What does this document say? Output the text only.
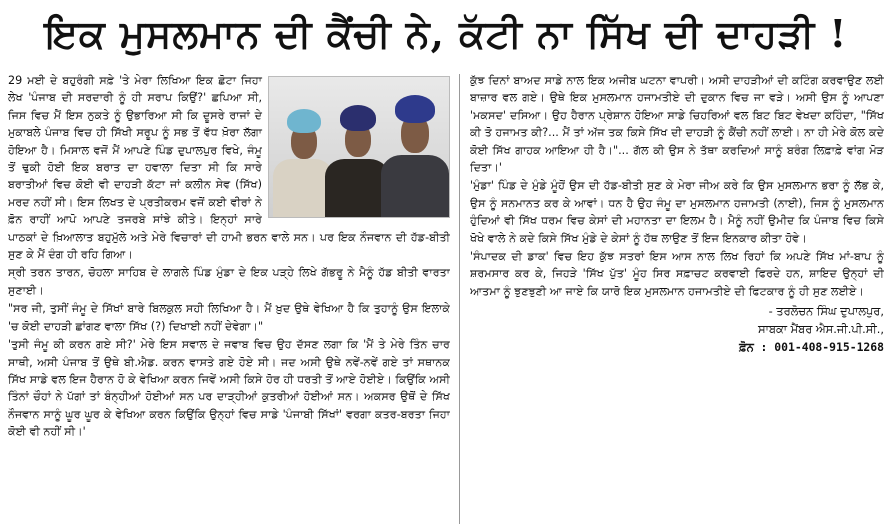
ਇਕ ਮੁਸਲਮਾਨ ਦੀ ਕੈਂਚੀ ਨੇ, ਕੱਟੀ ਨਾ ਸਿੱਖ ਦੀ ਦਾਹੜੀ !

29 ਮਈ ਦੇ ਬਹੁਰੰਗੀ ਸਫ਼ੇ 'ਤੇ ਮੇਰਾ ਲਿਖਿਆ ਇਕ ਛੋਟਾ ਜਿਹਾ ਲੇਖ 'ਪੰਜਾਬ ਦੀ ਸਰਦਾਰੀ ਨੂੰ ਹੀ ਸਰਾਪ ਕਿਉਂ?' ਛਪਿਆ ਸੀ, ਜਿਸ ਵਿਚ ਮੈਂ ਇਸ ਨੁਕਤੇ ਨੂੰ ਉਭਾਰਿਆ ਸੀ ਕਿ ਦੂਸਰੇ ਰਾਜਾਂ ਦੇ ਮੁਕਾਬਲੇ ਪੰਜਾਬ ਵਿਚ ਹੀ ਸਿੱਖੀ ਸਰੂਪ ਨੂੰ ਸਭ ਤੋਂ ਵੱਧ ਖ਼ੋਰਾ ਲੱਗਾ ਹੋਇਆ ਹੈ। ਮਿਸਾਲ ਵਜੋਂ ਮੈਂ ਆਪਣੇ ਪਿੰਡ ਦੁਪਾਲਪੁਰ ਵਿਖੇ, ਜੰਮੂ ਤੋਂ ਢੁਕੀ ਹੋਈ ਇਕ ਬਰਾਤ ਦਾ ਹਵਾਲਾ ਦਿਤਾ ਸੀ ਕਿ ਸਾਰੇ ਬਰਾਤੀਆਂ ਵਿਚ ਕੋਈ ਵੀ ਦਾਹੜੀ ਕੱਟਾ ਜਾਂ ਕਲੀਨ ਸੇਵ (ਸਿੱਖ) ਮਰਦ ਨਹੀਂ ਸੀ। ਇਸ ਲਿਖਤ ਦੇ ਪ੍ਰਤੀਕਰਮ ਵਜੋਂ ਕਈ ਵੀਰਾਂ ਨੇ ਫ਼ੋਨ ਰਾਹੀਂ ਆਪੋ ਆਪਣੇ ਤਜਰਬੇ ਸਾਂਝੇ ਕੀਤੇ। ਇਨ੍ਹਾਂ ਸਾਰੇ ਪਾਠਕਾਂ ਦੇ ਖ਼ਿਆਲਾਤ ਬਹੁਮੁੱਲੇ ਅਤੇ ਮੇਰੇ ਵਿਚਾਰਾਂ ਦੀ ਹਾਮੀ ਭਰਨ ਵਾਲੇ ਸਨ। ਪਰ ਇਕ ਨੌਜਵਾਨ ਦੀ ਹੱਡ-ਬੀਤੀ ਸੁਣ ਕੇ ਮੈਂ ਦੰਗ ਹੀ ਰਹਿ ਗਿਆ।

ਸ੍ਰੀ ਤਰਨ ਤਾਰਨ, ਚੋਹਲਾ ਸਾਹਿਬ ਦੇ ਲਾਗਲੇ ਪਿੰਡ ਮੁੰਡਾ ਦੇ ਇਕ ਪੜ੍ਹੇ ਲਿਖੇ ਗੱਭਰੂ ਨੇ ਮੈਨੂੰ ਹੱਡ ਬੀਤੀ ਵਾਰਤਾ ਸੁਣਾਈ।

"ਸਰ ਜੀ, ਤੁਸੀਂ ਜੰਮੂ ਦੇ ਸਿੱਖਾਂ ਬਾਰੇ ਬਿਲਕੁਲ ਸਹੀ ਲਿਖਿਆ ਹੈ। ਮੈਂ ਖ਼ੁਦ ਉਥੇ ਵੇਖਿਆ ਹੈ ਕਿ ਤੁਹਾਨੂੰ ਉਸ ਇਲਾਕੇ 'ਚ ਕੋਈ ਦਾਹੜੀ ਛਾਂਗਣ ਵਾਲਾ ਸਿੱਖ (?) ਦਿਖਾਈ ਨਹੀਂ ਦੇਵੇਗਾ।"

'ਤੁਸੀ ਜੰਮੂ ਕੀ ਕਰਨ ਗਏ ਸੀ?' ਮੇਰੇ ਇਸ ਸਵਾਲ ਦੇ ਜਵਾਬ ਵਿਚ ਉਹ ਦੱਸਣ ਲਗਾ ਕਿ 'ਮੈਂ ਤੇ ਮੇਰੇ ਤਿੰਨ ਚਾਰ ਸਾਥੀ, ਅਸੀ ਪੰਜਾਬ ਤੋਂ ਉਥੇ ਬੀ.ਐਡ. ਕਰਨ ਵਾਸਤੇ ਗਏ ਹੋਏ ਸੀ। ਜਦ ਅਸੀ ਉਥੇ ਨਵੇਂ-ਨਵੇਂ ਗਏ ਤਾਂ ਸਥਾਨਕ ਸਿੱਖ ਸਾਡੇ ਵਲ ਇਜ ਹੈਰਾਨ ਹੋ ਕੇ ਵੇਖਿਆ ਕਰਨ ਜਿਵੇਂ ਅਸੀ ਕਿਸੇ ਹੋਰ ਹੀ ਧਰਤੀ ਤੋਂ ਆਏ ਹੋਈਏ। ਕਿਉਂਕਿ ਅਸੀ ਤਿੰਨਾਂ ਚੌਹਾਂ ਨੇ ਪੱਗਾਂ ਤਾਂ ਬੰਨ੍ਹੀਆਂ ਹੋਈਆਂ ਸਨ ਪਰ ਦਾੜ੍ਹੀਆਂ ਕੁਤਰੀਆਂ ਹੋਈਆਂ ਸਨ। ਅਕਸਰ ਉਥੋਂ ਦੇ ਸਿੱਖ ਨੌਜਵਾਨ ਸਾਨੂੰ ਘੂਰ ਘੂਰ ਕੇ ਵੇਖਿਆ ਕਰਨ ਕਿਉਂਕਿ ਉਨ੍ਹਾਂ ਵਿਚ ਸਾਡੇ 'ਪੰਜਾਬੀ ਸਿੱਖਾਂ' ਵਰਗਾ ਕਤਰ-ਬਰਤਾ ਜਿਹਾ ਕੋਈ ਵੀ ਨਹੀਂ ਸੀ।'

ਕੁੱਝ ਦਿਨਾਂ ਬਾਅਦ ਸਾਡੇ ਨਾਲ ਇਕ ਅਜੀਬ ਘਟਨਾ ਵਾਪਰੀ। ਅਸੀ ਦਾਹੜੀਆਂ ਦੀ ਕਟਿੰਗ ਕਰਵਾਉਣ ਲਈ ਬਾਜ਼ਾਰ ਵਲ ਗਏ। ਉਥੇ ਇਕ ਮੁਸਲਮਾਨ ਹਜਾਮਤੀਏ ਦੀ ਦੁਕਾਨ ਵਿਚ ਜਾ ਵੜੇ। ਅਸੀ ਉਸ ਨੂੰ ਆਪਣਾ 'ਮਕਸਦ' ਦਸਿਆ। ਉਹ ਹੈਰਾਨ ਪ੍ਰੇਸ਼ਾਨ ਹੋਇਆ ਸਾਡੇ ਚਿਹਰਿਆਂ ਵਲ ਬਿਟ ਬਿਟ ਵੇਖਦਾ ਕਹਿੰਦਾ, "ਸਿੱਖ ਕੀ ਤੋ ਹਜਾਮਤ ਕੀ?... ਮੈਂ ਤਾਂ ਅੱਜ ਤਕ ਕਿਸੇ ਸਿੱਖ ਦੀ ਦਾਹੜੀ ਨੂੰ ਕੈਂਚੀ ਨਹੀਂ ਲਾਈ। ਨਾ ਹੀ ਮੇਰੇ ਕੋਲ ਕਦੇ ਕੋਈ ਸਿੱਖ ਗਾਹਕ ਆਇਆ ਹੀ ਹੈ।"... ਗੱਲ ਕੀ ਉਸ ਨੇ ਤੱਥਾ ਕਰਦਿਆਂ ਸਾਨੂੰ ਬਰੰਗ ਲਿਫ਼ਾਫ਼ੇ ਵਾਂਗ ਮੋੜ ਦਿਤਾ।'

'ਮੁੰਡਾ' ਪਿੰਡ ਦੇ ਮੁੰਡੇ ਮੂੰਹੋਂ ਉਸ ਦੀ ਹੱਡ-ਬੀਤੀ ਸੁਣ ਕੇ ਮੇਰਾ ਜੀਅ ਕਰੇ ਕਿ ਉਸ ਮੁਸਲਮਾਨ ਭਰਾ ਨੂੰ ਲੱਭ ਕੇ, ਉਸ ਨੂੰ ਸਨਮਾਨਤ ਕਰ ਕੇ ਆਵਾਂ। ਧਨ ਹੈ ਉਹ ਜੰਮੂ ਦਾ ਮੁਸਲਮਾਨ ਹਜਾਮਤੀ (ਨਾਈ), ਜਿਸ ਨੂੰ ਮੁਸਲਮਾਨ ਹੁੰਦਿਆਂ ਵੀ ਸਿੱਖ ਧਰਮ ਵਿਚ ਕੇਸਾਂ ਦੀ ਮਹਾਨਤਾ ਦਾ ਇਲਮ ਹੈ। ਮੈਨੂੰ ਨਹੀਂ ਉਮੀਦ ਕਿ ਪੰਜਾਬ ਵਿਚ ਕਿਸੇ ਖੋਖੇ ਵਾਲੇ ਨੇ ਕਦੇ ਕਿਸੇ ਸਿੱਖ ਮੁੰਡੇ ਦੇ ਕੇਸਾਂ ਨੂੰ ਹੱਥ ਲਾਉਣ ਤੋਂ ਇਜ ਇਨਕਾਰ ਕੀਤਾ ਹੋਵੇ।

'ਸੰਪਾਦਕ ਦੀ ਡਾਕ' ਵਿਚ ਇਹ ਕੁੱਝ ਸਤਰਾਂ ਇਸ ਆਸ ਨਾਲ ਲਿਖ ਰਿਹਾਂ ਕਿ ਅਪਣੇ ਸਿੱਖ ਮਾਂ-ਬਾਪ ਨੂੰ ਸ਼ਰਮਸਾਰ ਕਰ ਕੇ, ਜਿਹੜੇ 'ਸਿੱਖ ਪੁੱਤ' ਮੂੰਹ ਸਿਰ ਸਫ਼ਾਚਟ ਕਰਵਾਈ ਫਿਰਦੇ ਹਨ, ਸ਼ਾਇਦ ਉਨ੍ਹਾਂ ਦੀ ਆਤਮਾ ਨੂੰ ਝੁਣਝੁਣੀ ਆ ਜਾਏ ਕਿ ਯਾਰੋ ਇਕ ਮੁਸਲਮਾਨ ਹਜਾਮਤੀਏ ਦੀ ਫਿਟਕਾਰ ਨੂੰ ਹੀ ਸੁਣ ਲਈਏ।

- ਤਰਲੋਚਨ ਸਿੰਘ ਦੁਪਾਲਪੁਰ,
ਸਾਬਕਾ ਮੈਂਬਰ ਐਸ.ਜੀ.ਪੀ.ਸੀ.,
ਫ਼ੋਨ : 001-408-915-1268
